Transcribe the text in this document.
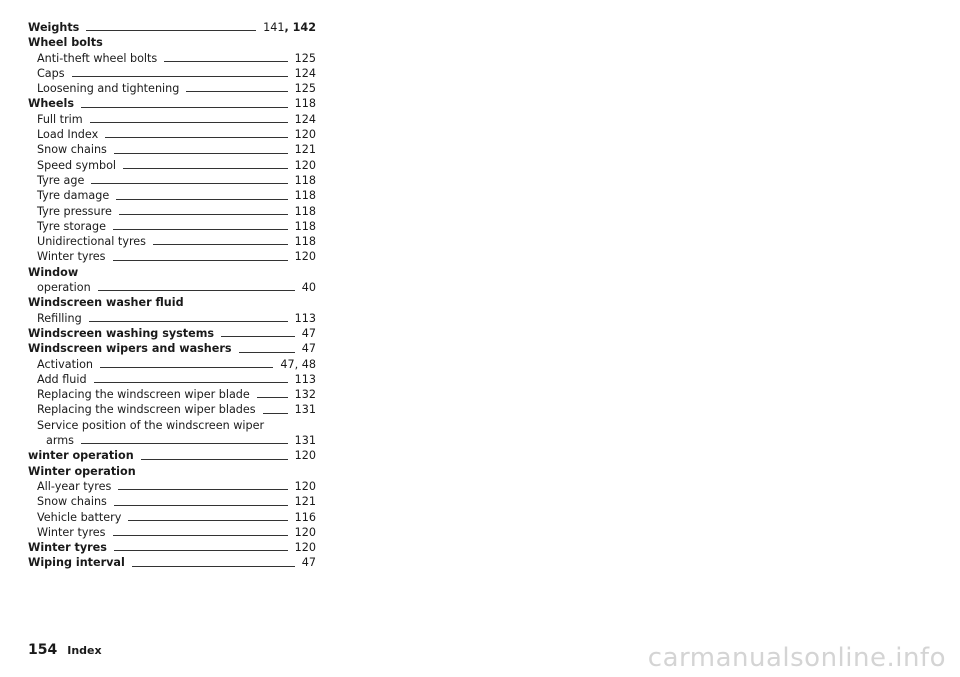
Weights	141, 142
Wheel bolts
Anti-theft wheel bolts	125
Caps	124
Loosening and tightening	125
Wheels	118
Full trim	124
Load Index	120
Snow chains	121
Speed symbol	120
Tyre age	118
Tyre damage	118
Tyre pressure	118
Tyre storage	118
Unidirectional tyres	118
Winter tyres	120
Window
operation	40
Windscreen washer fluid
Refilling	113
Windscreen washing systems	47
Windscreen wipers and washers	47
Activation	47, 48
Add fluid	113
Replacing the windscreen wiper blade	132
Replacing the windscreen wiper blades	131
Service position of the windscreen wiper
arms	131
winter operation	120
Winter operation
All-year tyres	120
Snow chains	121
Vehicle battery	116
Winter tyres	120
Winter tyres	120
Wiping interval	47
154 Index	carmanualsonline.info
